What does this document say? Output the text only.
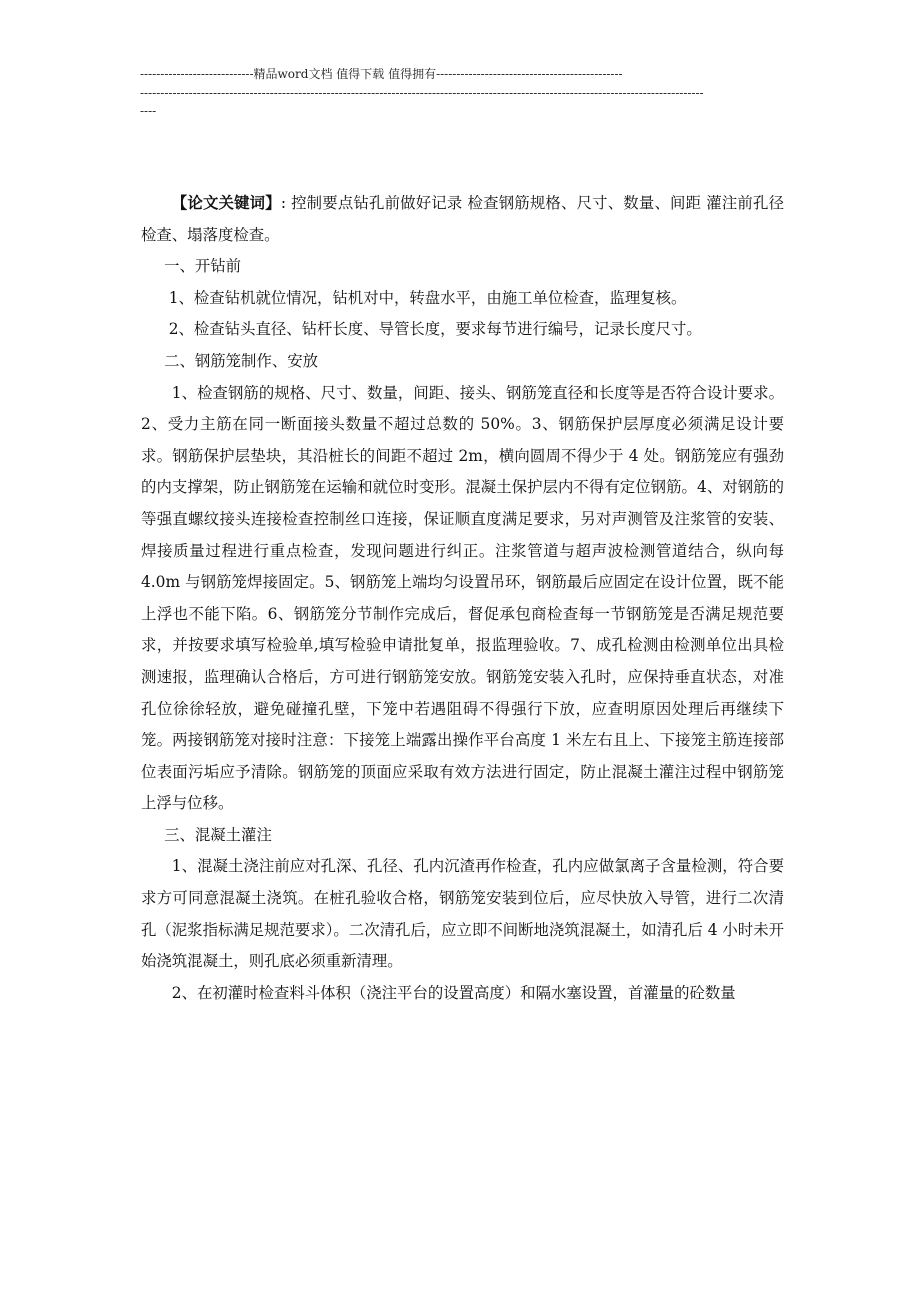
----------------------------精品word文档 值得下载 值得拥有----------------------------------------------
-------------------------------------------------------------------------------------------------------------------------------------------
----

【论文关键词】: 控制要点钻孔前做好记录 检查钢筋规格、尺寸、数量、间距 灌注前孔径检查、塌落度检查。

一、开钻前

1、检查钻机就位情况，钻机对中，转盘水平，由施工单位检查，监理复核。

2、检查钻头直径、钻杆长度、导管长度，要求每节进行编号，记录长度尺寸。

二、钢筋笼制作、安放

1、检查钢筋的规格、尺寸、数量，间距、接头、钢筋笼直径和长度等是否符合设计要求。2、受力主筋在同一断面接头数量不超过总数的 50%。3、钢筋保护层厚度必须满足设计要求。钢筋保护层垫块，其沿桩长的间距不超过 2m，横向圆周不得少于 4 处。钢筋笼应有强劲的内支撑架，防止钢筋笼在运输和就位时变形。混凝土保护层内不得有定位钢筋。4、对钢筋的等强直螺纹接头连接检查控制丝口连接，保证顺直度满足要求，另对声测管及注浆管的安装、焊接质量过程进行重点检查，发现问题进行纠正。注浆管道与超声波检测管道结合，纵向每 4.0m 与钢筋笼焊接固定。5、钢筋笼上端均匀设置吊环，钢筋最后应固定在设计位置，既不能上浮也不能下陷。6、钢筋笼分节制作完成后，督促承包商检查每一节钢筋笼是否满足规范要求，并按要求填写检验单,填写检验申请批复单，报监理验收。7、成孔检测由检测单位出具检测速报，监理确认合格后，方可进行钢筋笼安放。钢筋笼安装入孔时，应保持垂直状态，对准孔位徐徐轻放，避免碰撞孔壁，下笼中若遇阻碍不得强行下放，应查明原因处理后再继续下笼。两接钢筋笼对接时注意：下接笼上端露出操作平台高度 1 米左右且上、下接笼主筋连接部位表面污垢应予清除。钢筋笼的顶面应采取有效方法进行固定，防止混凝土灌注过程中钢筋笼上浮与位移。

三、混凝土灌注

1、混凝土浇注前应对孔深、孔径、孔内沉渣再作检查，孔内应做氯离子含量检测，符合要求方可同意混凝土浇筑。在桩孔验收合格，钢筋笼安装到位后，应尽快放入导管，进行二次清孔（泥浆指标满足规范要求）。二次清孔后，应立即不间断地浇筑混凝土，如清孔后 4 小时未开始浇筑混凝土，则孔底必须重新清理。

2、在初灌时检查料斗体积（浇注平台的设置高度）和隔水塞设置，首灌量的砼数量
